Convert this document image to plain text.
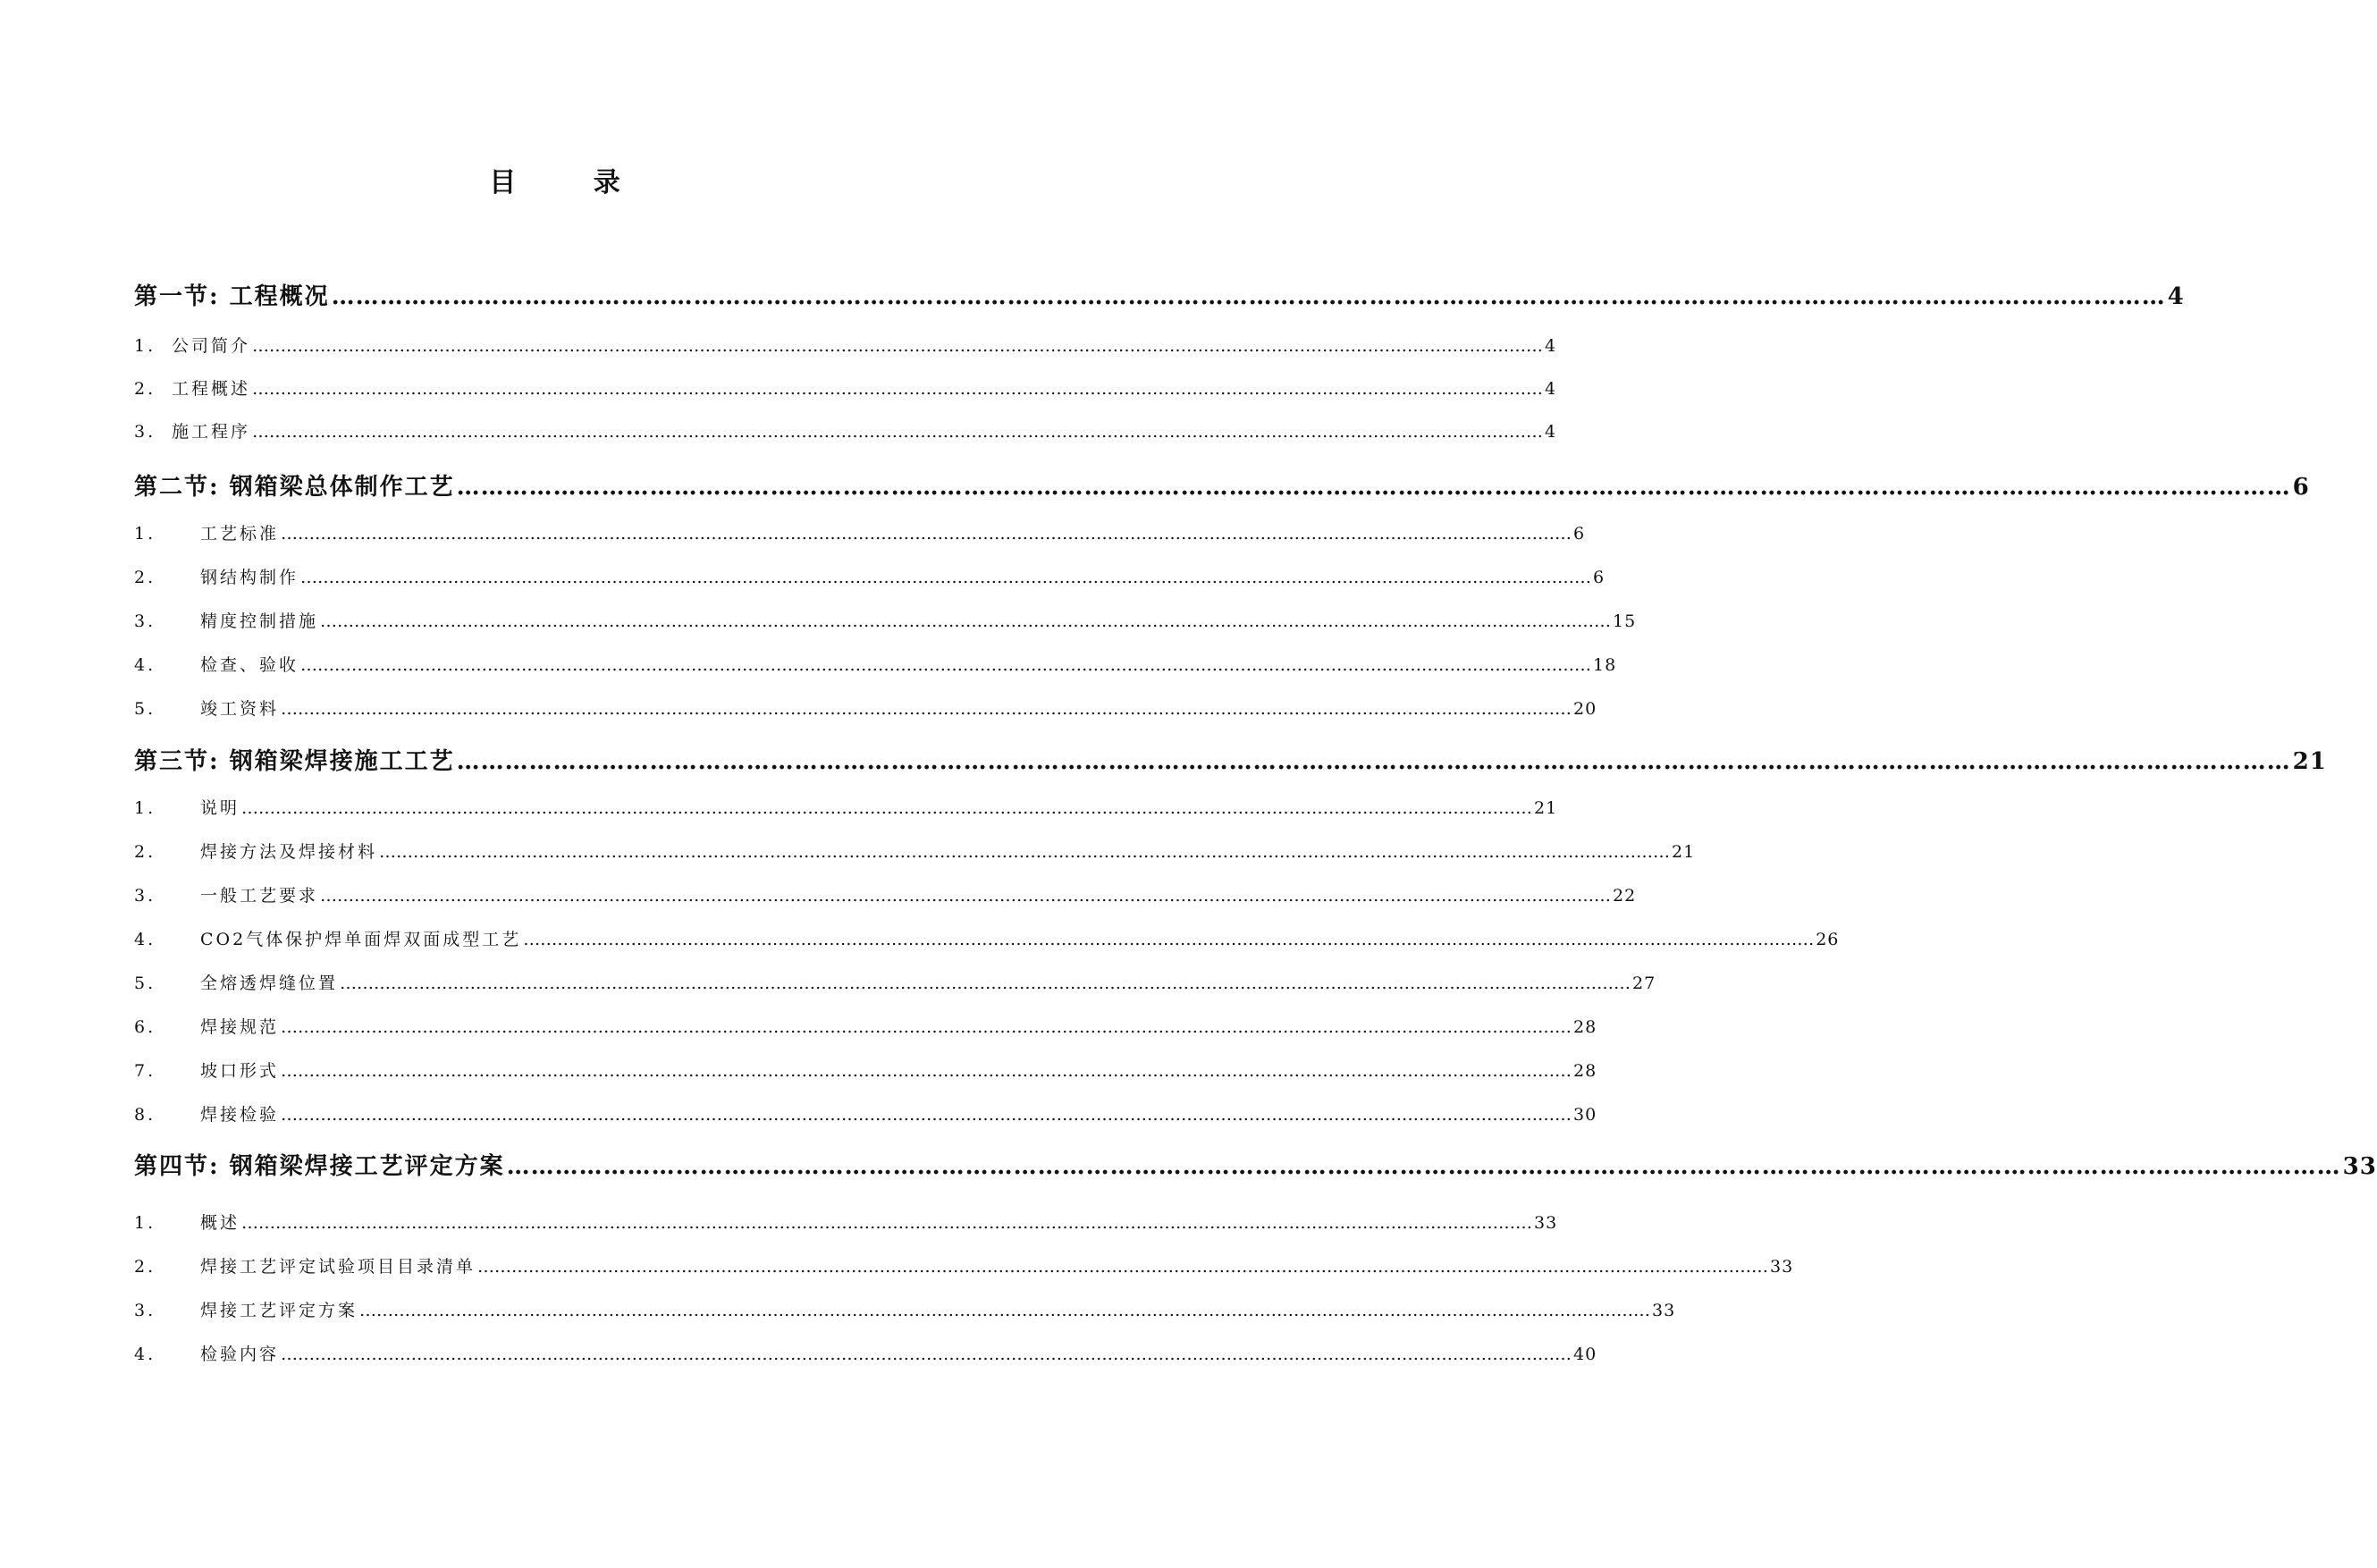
目 录
第一节: 工程概况 ………………………………………………………………………………………………………………………………………………………………………………………………………… 4
1. 公司简介 ………………………………………………………………………………………………………………………………………………………………………………………………………… 4
2. 工程概述 ………………………………………………………………………………………………………………………………………………………………………………………………………… 4
3. 施工程序 ………………………………………………………………………………………………………………………………………………………………………………………………………… 4
第二节: 钢箱梁总体制作工艺 ………………………………………………………………………………………………………………………………………………………………………………………………………… 6
1.	工艺标准 ………………………………………………………………………………………………………………………………………………………………………………………………………… 6
2.	钢结构制作 ………………………………………………………………………………………………………………………………………………………………………………………………………… 6
3.	精度控制措施 ………………………………………………………………………………………………………………………………………………………………………………………………………… 15
4.	检查、验收 ………………………………………………………………………………………………………………………………………………………………………………………………………… 18
5.	竣工资料 ………………………………………………………………………………………………………………………………………………………………………………………………………… 20
第三节: 钢箱梁焊接施工工艺 ………………………………………………………………………………………………………………………………………………………………………………………………………… 21
1.	说明 ………………………………………………………………………………………………………………………………………………………………………………………………………… 21
2.	焊接方法及焊接材料 ………………………………………………………………………………………………………………………………………………………………………………………………………… 21
3.	一般工艺要求 ………………………………………………………………………………………………………………………………………………………………………………………………………… 22
4.	CO2气体保护焊单面焊双面成型工艺 ………………………………………………………………………………………………………………………………………………………………………………………………………… 26
5.	全熔透焊缝位置 ………………………………………………………………………………………………………………………………………………………………………………………………………… 27
6.	焊接规范 ………………………………………………………………………………………………………………………………………………………………………………………………………… 28
7.	坡口形式 ………………………………………………………………………………………………………………………………………………………………………………………………………… 28
8.	焊接检验 ………………………………………………………………………………………………………………………………………………………………………………………………………… 30
第四节: 钢箱梁焊接工艺评定方案 ………………………………………………………………………………………………………………………………………………………………………………………………………… 33
1.	概述 ………………………………………………………………………………………………………………………………………………………………………………………………………… 33
2.	焊接工艺评定试验项目目录清单 ………………………………………………………………………………………………………………………………………………………………………………………………………… 33
3.	焊接工艺评定方案 ………………………………………………………………………………………………………………………………………………………………………………………………………… 33
4.	检验内容 ………………………………………………………………………………………………………………………………………………………………………………………………………… 40
